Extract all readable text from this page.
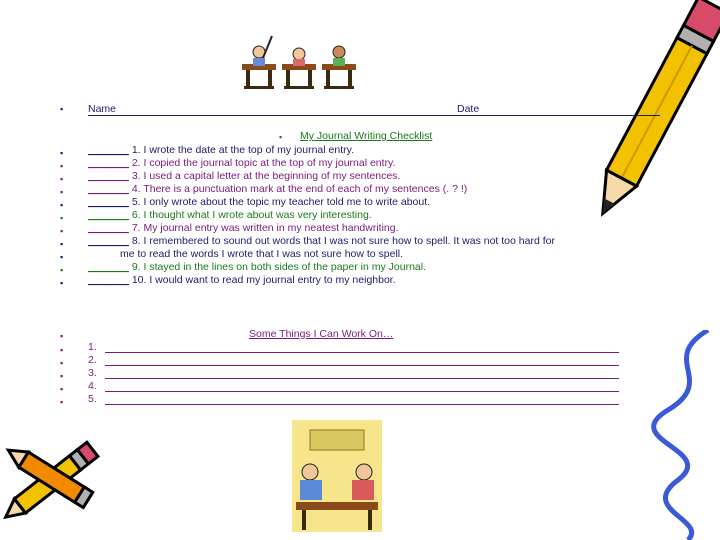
▪ Name	Date
▪ My Journal Writing Checklist
▪
▪
▪
▪
▪
▪
▪
▪
▪
▪
▪
_______ 1. I wrote the date at the top of my journal entry.
_______ 2. I copied the journal topic at the top of my journal entry.
_______ 3. I used a capital letter at the beginning of my sentences.
_______ 4. There is a punctuation mark at the end of each of my sentences (. ? !)
_______ 5. I only wrote about the topic my teacher told me to write about.
_______ 6. I thought what I wrote about was very interesting.
_______ 7. My journal entry was written in my neatest handwriting.
_______ 8. I remembered to sound out words that I was not sure how to spell. It was not too hard for
me to read the words I wrote that I was not sure how to spell.
_______ 9. I stayed in the lines on both sides of the paper in my Journal.
_______ 10. I would want to read my journal entry to my neighbor.
▪	Some Things I Can Work On…
▪
▪
▪
▪
▪
1.
2.
3.
4.
5.
